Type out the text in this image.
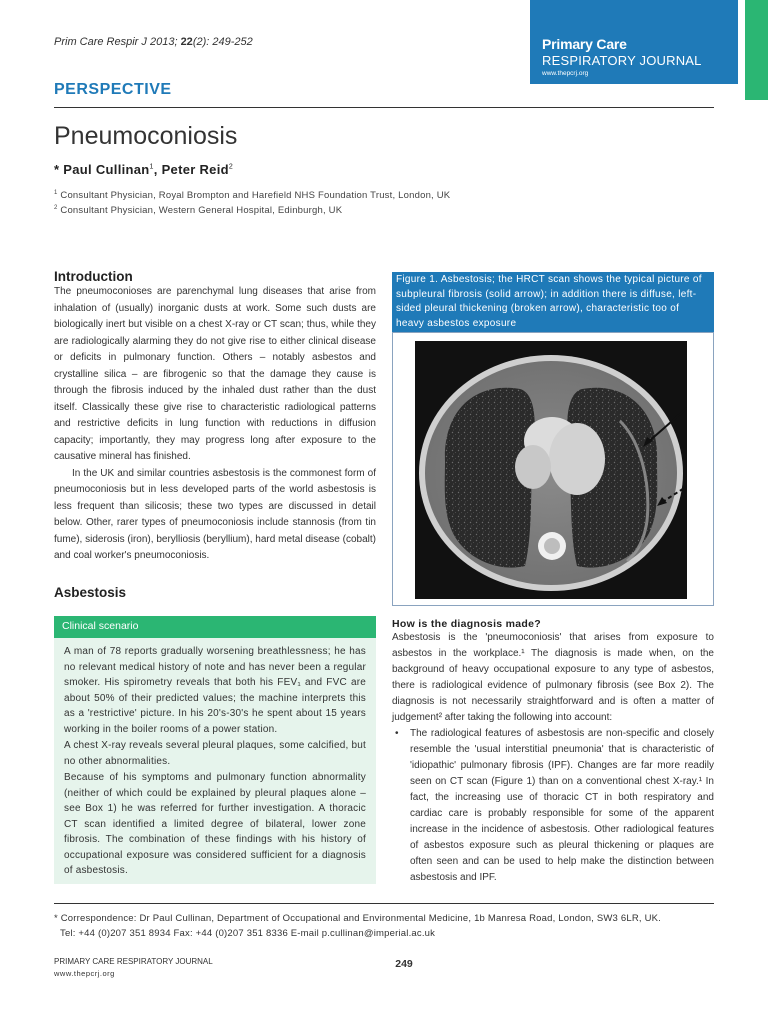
Prim Care Respir J 2013; 22(2): 249-252	Primary Care
RESPIRATORY JOURNAL
www.thepcrj.org
PERSPECTIVE
Pneumoconiosis
* Paul Cullinan$^1$, Peter Reid$^2$
$^1$ Consultant Physician, Royal Brompton and Harefield NHS Foundation Trust, London, UK
$^2$ Consultant Physician, Western General Hospital, Edinburgh, UK
Introduction

The pneumoconioses are parenchymal lung diseases that arise from inhalation of (usually) inorganic dusts at work. Some such dusts are biologically inert but visible on a chest X-ray or CT scan; thus, while they are radiologically alarming they do not give rise to either clinical disease or deficits in pulmonary function. Others – notably asbestos and crystalline silica – are fibrogenic so that the damage they cause is through the fibrosis induced by the inhaled dust rather than the dust itself. Classically these give rise to characteristic radiological patterns and restrictive deficits in lung function with reductions in diffusion capacity; importantly, they may progress long after exposure to the causative mineral has finished.

In the UK and similar countries asbestosis is the commonest form of pneumoconiosis but in less developed parts of the world asbestosis is less frequent than silicosis; these two types are discussed in detail below. Other, rarer types of pneumoconiosis include stannosis (from tin fume), siderosis (iron), berylliosis (beryllium), hard metal disease (cobalt) and coal worker's pneumoconiosis.

Asbestosis
Clinical scenario

A man of 78 reports gradually worsening breathlessness; he has no relevant medical history of note and has never been a regular smoker. His spirometry reveals that both his FEV₁ and FVC are about 50% of their predicted values; the machine interprets this as a 'restrictive' picture. In his 20's-30's he spent about 15 years working in the boiler rooms of a power station.

A chest X-ray reveals several pleural plaques, some calcified, but no other abnormalities.

Because of his symptoms and pulmonary function abnormality (neither of which could be explained by pleural plaques alone – see Box 1) he was referred for further investigation. A thoracic CT scan identified a limited degree of bilateral, lower zone fibrosis. The combination of these findings with his history of occupational exposure was considered sufficient for a diagnosis of asbestosis.

Figure 1. Asbestosis; the HRCT scan shows the typical picture of subpleural fibrosis (solid arrow); in addition there is diffuse, left-sided pleural thickening (broken arrow), characteristic too of heavy asbestos exposure
How is the diagnosis made?

Asbestosis is the 'pneumoconiosis' that arises from exposure to asbestos in the workplace.¹ The diagnosis is made when, on the background of heavy occupational exposure to any type of asbestos, there is radiological evidence of pulmonary fibrosis (see Box 2). The diagnosis is not necessarily straightforward and is often a matter of judgement² after taking the following into account:

• The radiological features of asbestosis are non-specific and closely resemble the 'usual interstitial pneumonia' that is characteristic of 'idiopathic' pulmonary fibrosis (IPF). Changes are far more readily seen on CT scan (Figure 1) than on a conventional chest X-ray.¹ In fact, the increasing use of thoracic CT in both respiratory and cardiac care is probably responsible for some of the apparent increase in the incidence of asbestosis. Other radiological features of asbestos exposure such as pleural thickening or plaques are often seen and can be used to help make the distinction between asbestosis and IPF.

* Correspondence: Dr Paul Cullinan, Department of Occupational and Environmental Medicine, 1b Manresa Road, London, SW3 6LR, UK.
Tel: +44 (0)207 351 8934 Fax: +44 (0)207 351 8336 E-mail p.cullinan@imperial.ac.uk
PRIMARY CARE RESPIRATORY JOURNAL
www.thepcrj.org
249
